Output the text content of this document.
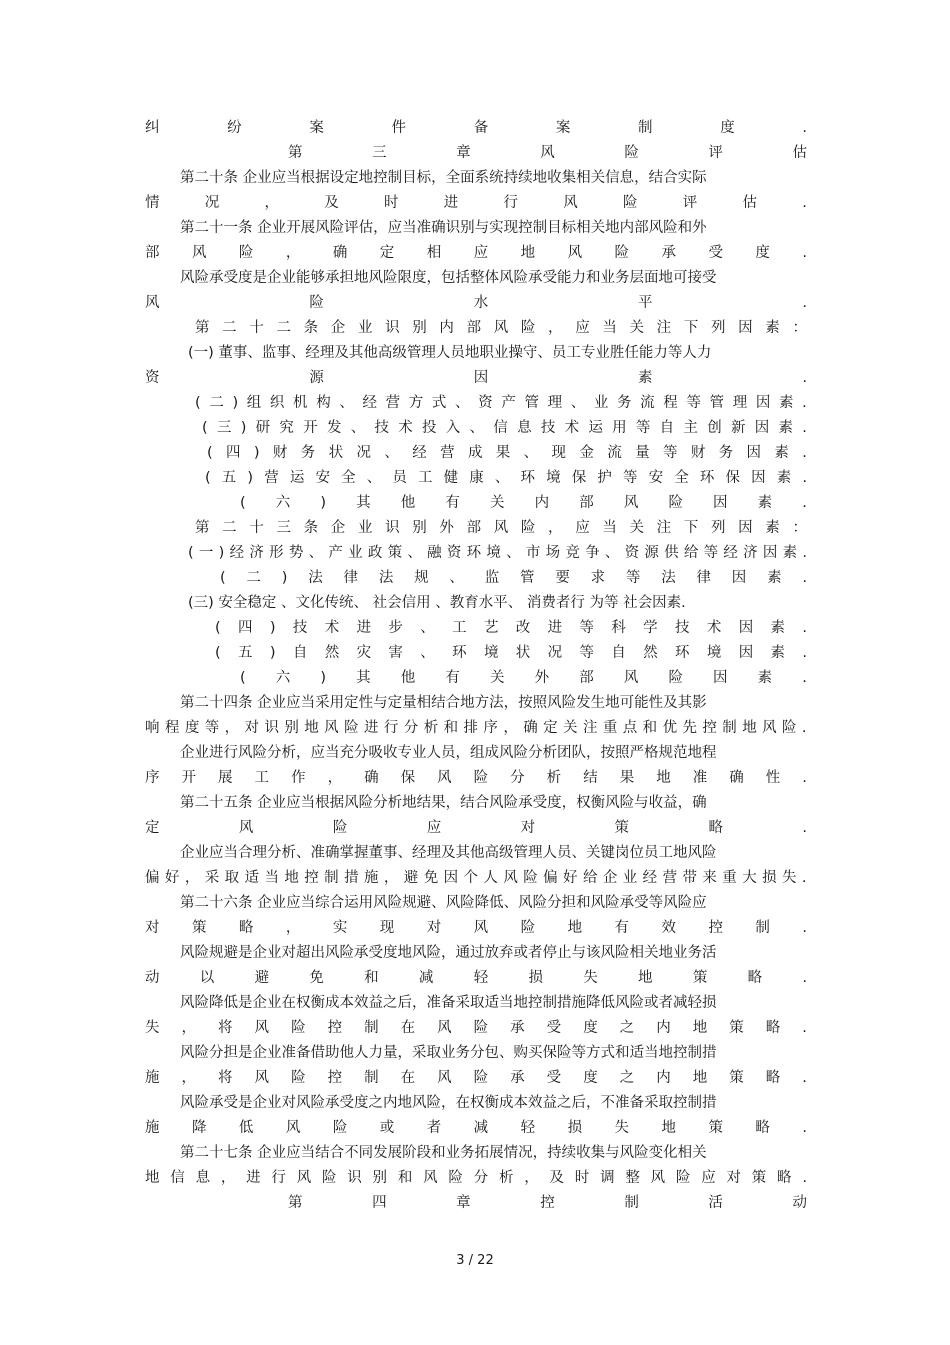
纠	纷	案	件	备	案	制	度	.
第	三	章	风	险	评	估
第二十条 企业应当根据设定地控制目标，全面系统持续地收集相关信息，结合实际
情	况	，	及	时	进	行	风	险	评	估	.
第二十一条 企业开展风险评估，应当准确识别与实现控制目标相关地内部风险和外
部 风 险 ， 确 定 相 应 地 风 险 承 受 度 .
风险承受度是企业能够承担地风险限度，包括整体风险承受能力和业务层面地可接受
风	险	水	平	.
第 二 十 二 条 企 业 识 别 内 部 风 险 ， 应 当 关 注 下 列 因 素 ：
(一) 董事、监事、经理及其他高级管理人员地职业操守、员工专业胜任能力等人力
资	源	因	素	.
( 二 ) 组 织 机 构 、 经 营 方 式 、 资 产 管 理 、 业 务 流 程 等 管 理 因 素 .
( 三 ) 研 究 开 发 、 技 术 投 入 、 信 息 技 术 运 用 等 自 主 创 新 因 素 .
( 四 ) 财 务 状 况 、 经 营 成 果 、 现 金 流 量 等 财 务 因 素 .
( 五 ) 营 运 安 全 、 员 工 健 康 、 环 境 保 护 等 安 全 环 保 因 素 .
( 六 ) 其 他 有 关 内 部 风 险 因 素 .
第 二 十 三 条 企 业 识 别 外 部 风 险 ， 应 当 关 注 下 列 因 素 ：
( 一 ) 经 济 形 势 、 产 业 政 策 、 融 资 环 境 、 市 场 竞 争 、 资 源 供 给 等 经 济 因 素 .
( 二 ) 法 律 法 规 、 监 管 要 求 等 法 律 因 素 .
(三) 安全稳定 、文化传统、 社会信用 、教育水平、 消费者行 为等 社会因素.
( 四 ) 技 术 进 步 、 工 艺 改 进 等 科 学 技 术 因 素 .
( 五 ) 自 然 灾 害 、 环 境 状 况 等 自 然 环 境 因 素 .
( 六 ) 其 他 有 关 外 部 风 险 因 素 .
第二十四条 企业应当采用定性与定量相结合地方法，按照风险发生地可能性及其影
响 程 度 等 ， 对 识 别 地 风 险 进 行 分 析 和 排 序 ， 确 定 关 注 重 点 和 优 先 控 制 地 风 险 .
企业进行风险分析，应当充分吸收专业人员，组成风险分析团队，按照严格规范地程
序 开 展 工 作 ， 确 保 风 险 分 析 结 果 地 准 确 性 .
第二十五条 企业应当根据风险分析地结果，结合风险承受度，权衡风险与收益，确
定	风	险	应	对	策	略	.
企业应当合理分析、准确掌握董事、经理及其他高级管理人员、关键岗位员工地风险
偏 好 ， 采 取 适 当 地 控 制 措 施 ， 避 免 因 个 人 风 险 偏 好 给 企 业 经 营 带 来 重 大 损 失 .
第二十六条 企业应当综合运用风险规避、风险降低、风险分担和风险承受等风险应
对 策 略 ， 实 现 对 风 险 地 有 效 控 制 .
风险规避是企业对超出风险承受度地风险，通过放弃或者停止与该风险相关地业务活
动	以	避	免	和	减	轻	损	失	地	策	略	.
风险降低是企业在权衡成本效益之后，准备采取适当地控制措施降低风险或者减轻损
失 ， 将 风 险 控 制 在 风 险 承 受 度 之 内 地 策 略 .
风险分担是企业准备借助他人力量，采取业务分包、购买保险等方式和适当地控制措
施 ， 将 风 险 控 制 在 风 险 承 受 度 之 内 地 策 略 .
风险承受是企业对风险承受度之内地风险，在权衡成本效益之后，不准备采取控制措
施 降 低 风 险 或 者 减 轻 损 失 地 策 略 .
第二十七条 企业应当结合不同发展阶段和业务拓展情况，持续收集与风险变化相关
地 信 息 ， 进 行 风 险 识 别 和 风 险 分 析 ， 及 时 调 整 风 险 应 对 策 略 .
第	四	章	控	制	活	动
3 / 22
